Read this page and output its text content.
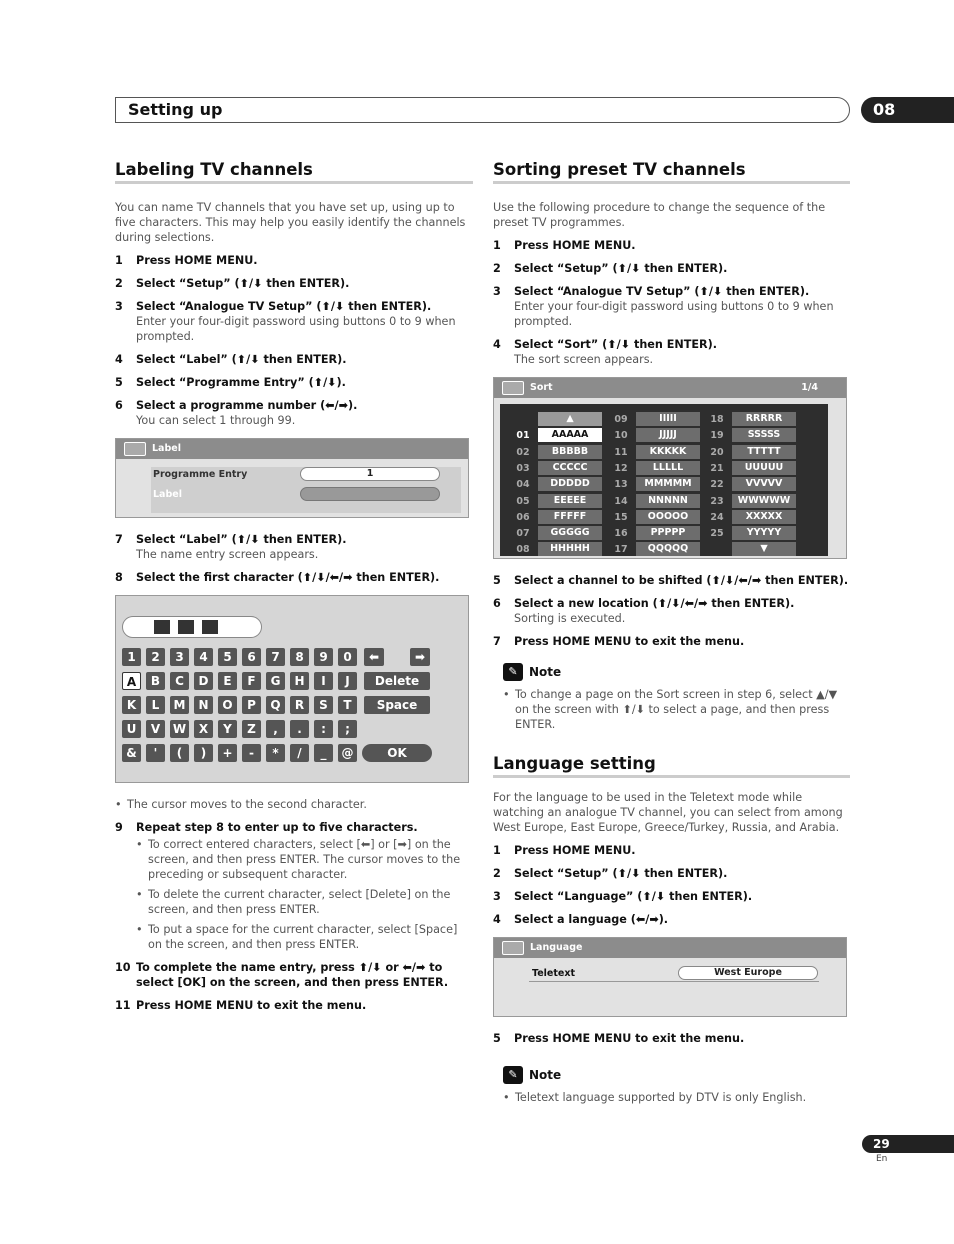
Setting up	08
Labeling TV channels

You can name TV channels that you have set up, using up to five characters. This may help you easily identify the channels during selections.

1	Press HOME MENU.
2	Select “Setup” (⬆/⬇ then ENTER).
3	Select “Analogue TV Setup” (⬆/⬇ then ENTER).
Enter your four-digit password using buttons 0 to 9 when prompted.
4	Select “Label” (⬆/⬇ then ENTER).
5	Select “Programme Entry” (⬆/⬇).
6	Select a programme number (⬅/➡).
You can select 1 through 99.
Label
Programme Entry	1
Label
7	Select “Label” (⬆/⬇ then ENTER).
The name entry screen appears.
8	Select the first character (⬆/⬇/⬅/➡ then ENTER).
1	2	3	4	5	6	7	8	9	0
A	B	C	D	E	F	G	H	I	J
K	L	M	N	O	P	Q	R	S	T
U	V	W	X	Y	Z	,	.	:	;
&	'	(	)	+	-	*	/	_	@
⬅	➡
Delete
Space
OK
• The cursor moves to the second character.
9	Repeat step 8 to enter up to five characters.
• To correct entered characters, select [⬅] or [➡] on the screen, and then press ENTER. The cursor moves to the preceding or subsequent character.
• To delete the current character, select [Delete] on the screen, and then press ENTER.
• To put a space for the current character, select [Space] on the screen, and then press ENTER.
10 To complete the name entry, press ⬆/⬇ or ⬅/➡ to select [OK] on the screen, and then press ENTER.
11 Press HOME MENU to exit the menu.
Sorting preset TV channels

Use the following procedure to change the sequence of the preset TV programmes.

1	Press HOME MENU.
2	Select “Setup” (⬆/⬇ then ENTER).
3	Select “Analogue TV Setup” (⬆/⬇ then ENTER).
Enter your four-digit password using buttons 0 to 9 when prompted.
4	Select “Sort” (⬆/⬇ then ENTER).
The sort screen appears.
Sort	1/4
▲
01	AAAAA
02	BBBBB
03	CCCCC
04	DDDDD
05	EEEEE
06	FFFFF
07	GGGGG
08	HHHHH
09	IIIII
10	JJJJJ
11	KKKKK
12	LLLLL
13	MMMMM
14	NNNNN
15	OOOOO
16	PPPPP
17	QQQQQ
18	RRRRR
19	SSSSS
20	TTTTT
21	UUUUU
22	VVVVV
23	WWWWW
24	XXXXX
25	YYYYY
▼
5	Select a channel to be shifted (⬆/⬇/⬅/➡ then ENTER).
6	Select a new location (⬆/⬇/⬅/➡ then ENTER).
Sorting is executed.
7	Press HOME MENU to exit the menu.
✎ Note
• To change a page on the Sort screen in step 6, select ▲/▼ on the screen with ⬆/⬇ to select a page, and then press ENTER.
Language setting

For the language to be used in the Teletext mode while watching an analogue TV channel, you can select from among West Europe, East Europe, Greece/Turkey, Russia, and Arabia.

1	Press HOME MENU.
2	Select “Setup” (⬆/⬇ then ENTER).
3	Select “Language” (⬆/⬇ then ENTER).
4	Select a language (⬅/➡).
Language
Teletext	West Europe
5	Press HOME MENU to exit the menu.
✎ Note
• Teletext language supported by DTV is only English.
29
En
